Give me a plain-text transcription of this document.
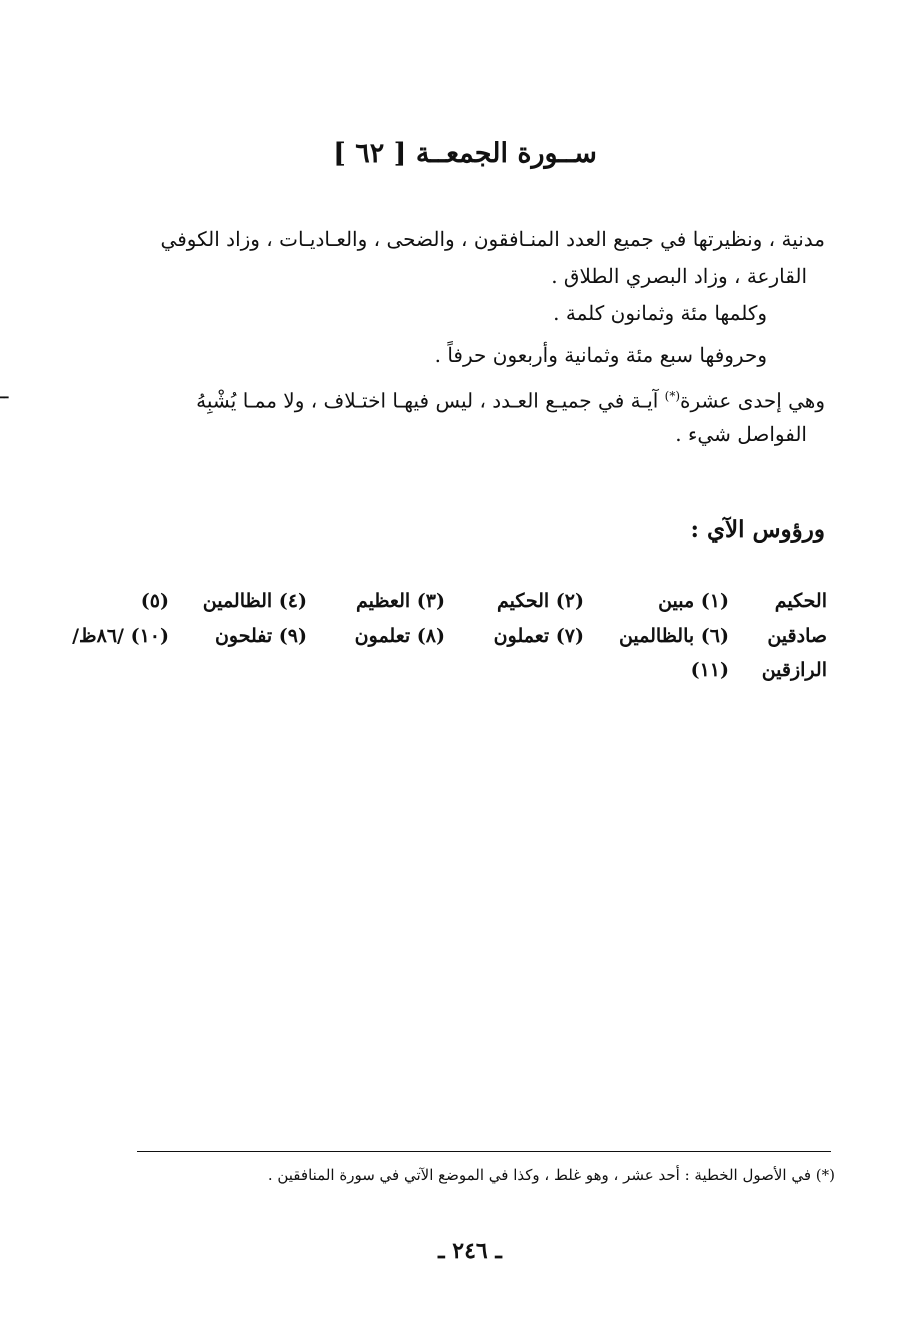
ســورة الجمعــة [ ٦٢ ]
مدنية ، ونظيرتها في جميع العدد المنـافقون ، والضحى ، والعـاديـات ، وزاد الكوفي
القارعة ، وزاد البصري الطلاق .
وكلمها مئة وثمانون كلمة .
وحروفها سبع مئة وثمانية وأربعون حرفاً .
وهي إحدى عشرة(*) آيـة في جميـع العـدد ، ليس فيهـا اختـلاف ، ولا ممـا يُشْبِهُ
الفواصل شيء .
ــ
ورؤوس الآي :
الحكيم
(١) مبين
(٢) الحكيم
(٣) العظيم
(٤) الظالمين
(٥)
صادقين
(٦) بالظالمين
(٧) تعملون
(٨) تعلمون
(٩) تفلحون
(١٠) /٨٦ظ/
الرازقين
(١١)
(*) في الأصول الخطية : أحد عشر ، وهو غلط ، وكذا في الموضع الآتي في سورة المنافقين .
ـ ٢٤٦ ـ
